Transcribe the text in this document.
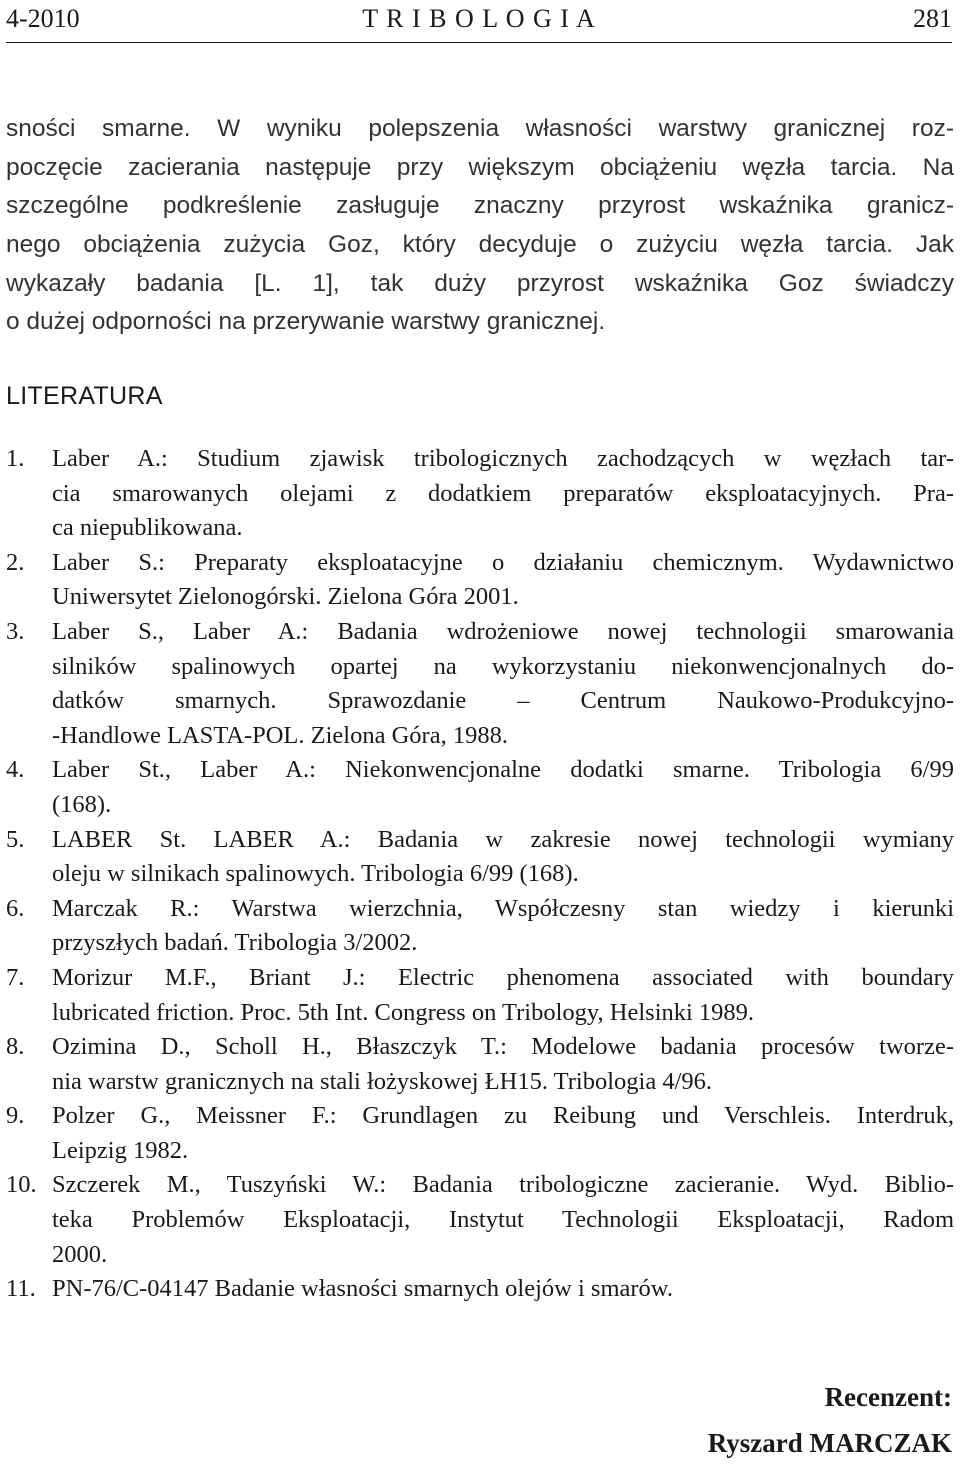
4-2010	T R I B O L O G I A	281
sności smarne. W wyniku polepszenia własności warstwy granicznej roz-
poczęcie zacierania następuje przy większym obciążeniu węzła tarcia. Na
szczególne podkreślenie zasługuje znaczny przyrost wskaźnika granicz-
nego obciążenia zużycia Goz, który decyduje o zużyciu węzła tarcia. Jak
wykazały badania [L. 1], tak duży przyrost wskaźnika Goz świadczy
o dużej odporności na przerywanie warstwy granicznej.
LITERATURA
1. Laber A.: Studium zjawisk tribologicznych zachodzących w węzłach tar-
cia smarowanych olejami z dodatkiem preparatów eksploatacyjnych. Pra-
ca niepublikowana.
2. Laber S.: Preparaty eksploatacyjne o działaniu chemicznym. Wydawnictwo
Uniwersytet Zielonogórski. Zielona Góra 2001.
3. Laber S., Laber A.: Badania wdrożeniowe nowej technologii smarowania
silników spalinowych opartej na wykorzystaniu niekonwencjonalnych do-
datków smarnych. Sprawozdanie – Centrum Naukowo-Produkcyjno-
-Handlowe LASTA-POL. Zielona Góra, 1988.
4. Laber St., Laber A.: Niekonwencjonalne dodatki smarne. Tribologia 6/99
(168).
5. LABER St. LABER A.: Badania w zakresie nowej technologii wymiany
oleju w silnikach spalinowych. Tribologia 6/99 (168).
6. Marczak R.: Warstwa wierzchnia, Współczesny stan wiedzy i kierunki
przyszłych badań. Tribologia 3/2002.
7. Morizur M.F., Briant J.: Electric phenomena associated with boundary
lubricated friction. Proc. 5th Int. Congress on Tribology, Helsinki 1989.
8. Ozimina D., Scholl H., Błaszczyk T.: Modelowe badania procesów tworze-
nia warstw granicznych na stali łożyskowej ŁH15. Tribologia 4/96.
9. Polzer G., Meissner F.: Grundlagen zu Reibung und Verschleis. Interdruk,
Leipzig 1982.
10. Szczerek M., Tuszyński W.: Badania tribologiczne zacieranie. Wyd. Biblio-
teka Problemów Eksploatacji, Instytut Technologii Eksploatacji, Radom
2000.
11. PN-76/C-04147 Badanie własności smarnych olejów i smarów.
Recenzent:
Ryszard MARCZAK
